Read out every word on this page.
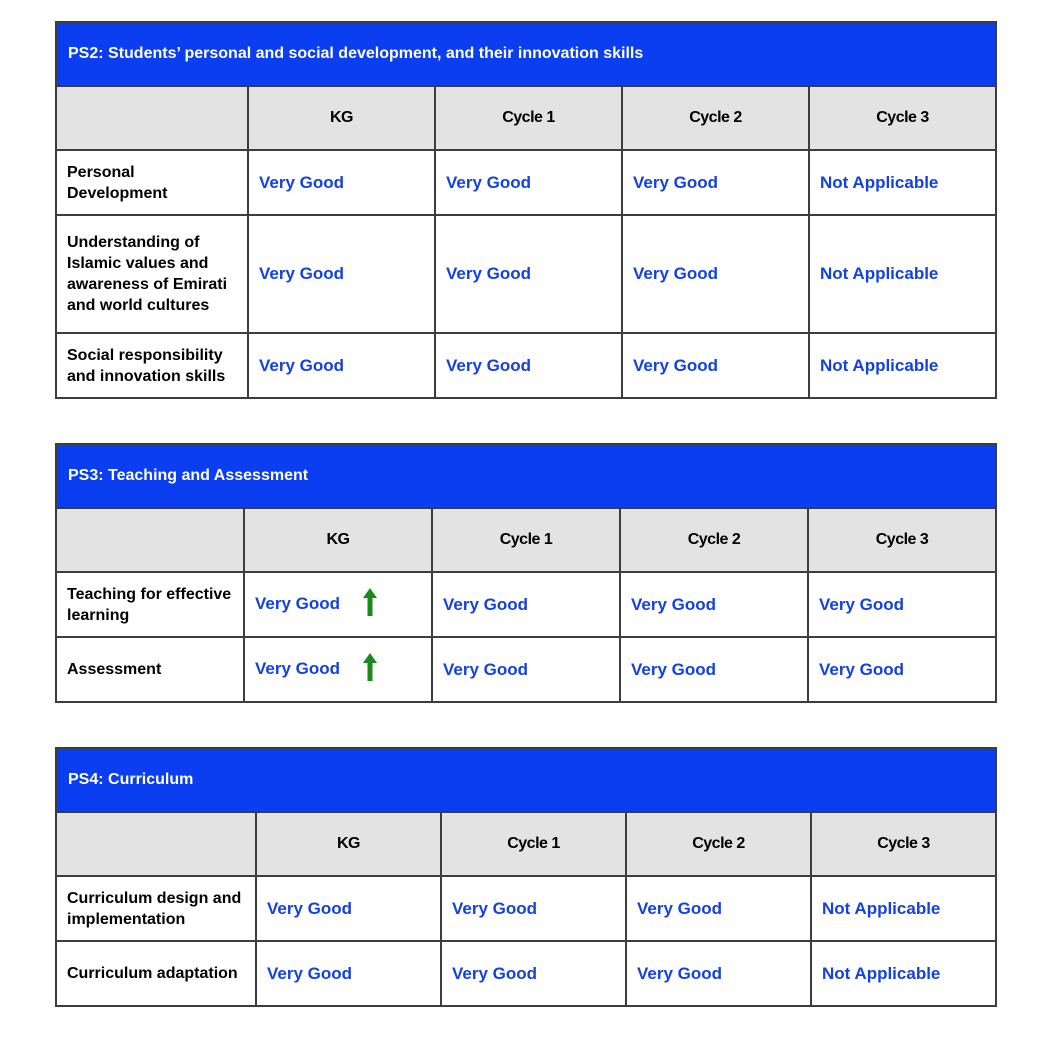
PS2: Students’ personal and social development, and their innovation skills				
	KG	Cycle 1	Cycle 2	Cycle 3
Personal Development	Very Good	Very Good	Very Good	Not Applicable
Understanding of Islamic values and awareness of Emirati and world cultures	Very Good	Very Good	Very Good	Not Applicable
Social responsibility and innovation skills	Very Good	Very Good	Very Good	Not Applicable
PS3: Teaching and Assessment				
	KG	Cycle 1	Cycle 2	Cycle 3
Teaching for effective learning	Very Good	Very Good	Very Good	Very Good
Assessment	Very Good	Very Good	Very Good	Very Good
PS4: Curriculum				
	KG	Cycle 1	Cycle 2	Cycle 3
Curriculum design and implementation	Very Good	Very Good	Very Good	Not Applicable
Curriculum adaptation	Very Good	Very Good	Very Good	Not Applicable
